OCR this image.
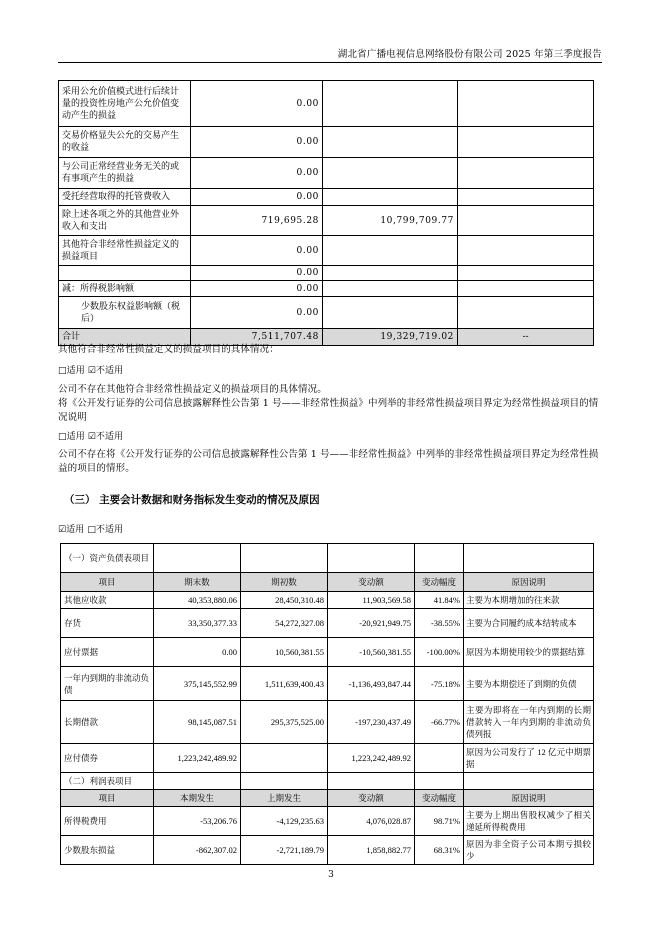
湖北省广播电视信息网络股份有限公司 2025 年第三季度报告
采用公允价值模式进行后续计量的投资性房地产公允价值变动产生的损益	0.00		
交易价格显失公允的交易产生的收益	0.00		
与公司正常经营业务无关的或有事项产生的损益	0.00		
受托经营取得的托管费收入	0.00		
除上述各项之外的其他营业外收入和支出	719,695.28	10,799,709.77	
其他符合非经常性损益定义的损益项目	0.00		
	0.00		
减：所得税影响额	0.00		
少数股东权益影响额（税后）	0.00		
合计	7,511,707.48	19,329,719.02	--
其他符合非经常性损益定义的损益项目的具体情况：
□适用 ☑不适用
公司不存在其他符合非经常性损益定义的损益项目的具体情况。
将《公开发行证券的公司信息披露解释性公告第 1 号——非经常性损益》中列举的非经常性损益项目界定为经常性损益项目的情况说明
□适用 ☑不适用
公司不存在将《公开发行证券的公司信息披露解释性公告第 1 号——非经常性损益》中列举的非经常性损益项目界定为经常性损益的项目的情形。
（三） 主要会计数据和财务指标发生变动的情况及原因
☑适用 □不适用
（一）资产负债表项目					
项目	期末数	期初数	变动额	变动幅度	原因说明
其他应收款	40,353,880.06	28,450,310.48	11,903,569.58	41.84%	主要为本期增加的往来款
存货	33,350,377.33	54,272,327.08	-20,921,949.75	-38.55%	主要为合同履约成本结转成本
应付票据	0.00	10,560,381.55	-10,560,381.55	-100.00%	原因为本期使用较少的票据结算
一年内到期的非流动负债	375,145,552.99	1,511,639,400.43	-1,136,493,847.44	-75.18%	主要为本期偿还了到期的负债
长期借款	98,145,087.51	295,375,525.00	-197,230,437.49	-66.77%	主要为即将在一年内到期的长期借款转入一年内到期的非流动负债列报
应付债券	1,223,242,489.92		1,223,242,489.92		原因为公司发行了 12 亿元中期票据
（二）利润表项目					
项目	本期发生	上期发生	变动额	变动幅度	原因说明
所得税费用	-53,206.76	-4,129,235.63	4,076,028.87	98.71%	主要为上期出售股权减少了相关递延所得税费用
少数股东损益	-862,307.02	-2,721,189.79	1,858,882.77	68.31%	原因为非全资子公司本期亏损较少
3
